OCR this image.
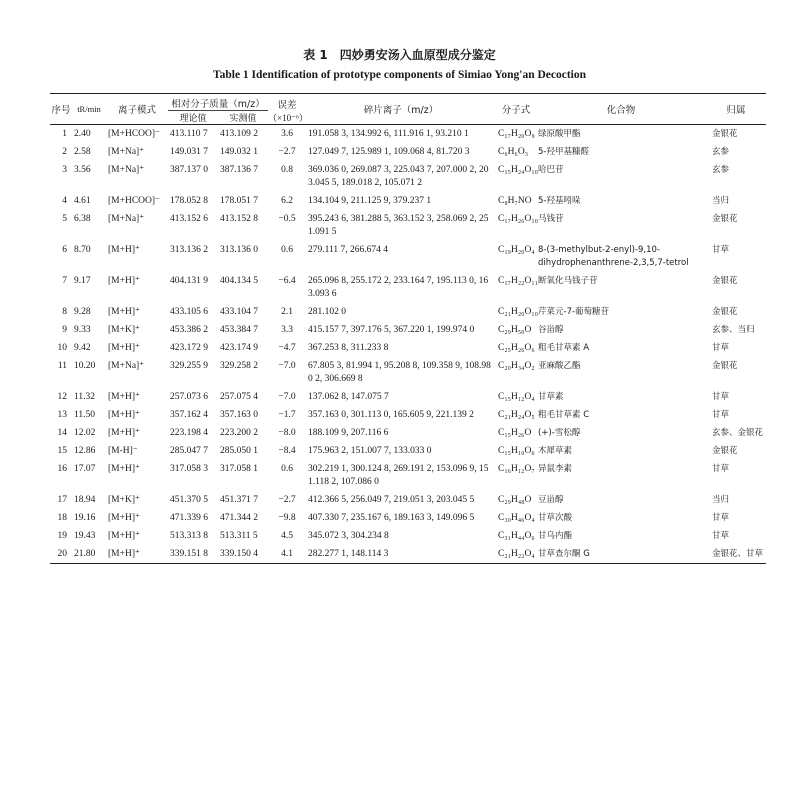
表 1　四妙勇安汤入血原型成分鉴定
Table 1 Identification of prototype components of Simiao Yong'an Decoction
序号	tR/min	离子模式	相对分子质量（m/z）		误差	碎片离子（m/z）	分子式	化合物	归属
			理论值	实测值	（×10⁻⁶）				
1	2.40	[M+HCOO]⁻	413.110 7	413.109 2	3.6	191.058 3, 134.992 6, 111.916 1, 93.210 1	C₁₇H₂₀O₉	绿原酸甲酯	金银花
2	2.58	[M+Na]⁺	149.031 7	149.032 1	−2.7	127.049 7, 125.989 1, 109.068 4, 81.720 3	C₆H₆O₃	5-羟甲基糠醛	玄参
3	3.56	[M+Na]⁺	387.137 0	387.136 7	0.8	369.036 0, 269.087 3, 225.043 7, 207.000 2, 203.045 5, 189.018 2, 105.071 2	C₁₅H₂₄O₁₀	哈巴苷	玄参
4	4.61	[M+HCOO]⁻	178.052 8	178.051 7	6.2	134.104 9, 211.125 9, 379.237 1	C₈H₇NO	5-羟基吲哚	当归
5	6.38	[M+Na]⁺	413.152 6	413.152 8	−0.5	395.243 6, 381.288 5, 363.152 3, 258.069 2, 251.091 5	C₁₇H₂₆O₁₀	马钱苷	金银花
6	8.70	[M+H]⁺	313.136 2	313.136 0	0.6	279.111 7, 266.674 4	C₁₉H₂₀O₄	8-(3-methylbut-2-enyl)-9,10-dihydrophenanthrene-2,3,5,7-tetrol	甘草
7	9.17	[M+H]⁺	404.131 9	404.134 5	−6.4	265.096 8, 255.172 2, 233.164 7, 195.113 0, 163.093 6	C₁₇H₂₂O₁₁	断氧化马钱子苷	金银花
8	9.28	[M+H]⁺	433.105 6	433.104 7	2.1	281.102 0	C₂₁H₂₀O₁₀	芹菜元-7-葡萄糖苷	金银花
9	9.33	[M+K]⁺	453.386 2	453.384 7	3.3	415.157 7, 397.176 5, 367.220 1, 199.974 0	C₂₉H₅₀O	谷甾醇	玄参、当归
10	9.42	[M+H]⁺	423.172 9	423.174 9	−4.7	367.253 8, 311.233 8	C₂₅H₂₆O₆	粗毛甘草素 A	甘草
11	10.20	[M+Na]⁺	329.255 9	329.258 2	−7.0	67.805 3, 81.994 1, 95.208 8, 109.358 9, 108.980 2, 306.669 8	C₂₀H₃₄O₂	亚麻酸乙酯	金银花
12	11.32	[M+H]⁺	257.073 6	257.075 4	−7.0	137.062 8, 147.075 7	C₁₅H₁₂O₄	甘草素	甘草
13	11.50	[M+H]⁺	357.162 4	357.163 0	−1.7	357.163 0, 301.113 0, 165.605 9, 221.139 2	C₂₁H₂₄O₅	粗毛甘草素 C	甘草
14	12.02	[M+H]⁺	223.198 4	223.200 2	−8.0	188.109 9, 207.116 6	C₁₅H₂₆O	(+)-雪松醇	玄参、金银花
15	12.86	[M-H]⁻	285.047 7	285.050 1	−8.4	175.963 2, 151.007 7, 133.033 0	C₁₅H₁₀O₆	木犀草素	金银花
16	17.07	[M+H]⁺	317.058 3	317.058 1	0.6	302.219 1, 300.124 8, 269.191 2, 153.096 9, 151.118 2, 107.086 0	C₁₆H₁₂O₇	异鼠李素	甘草
17	18.94	[M+K]⁺	451.370 5	451.371 7	−2.7	412.366 5, 256.049 7, 219.051 3, 203.045 5	C₂₉H₄₈O	豆甾醇	当归
18	19.16	[M+H]⁺	471.339 6	471.344 2	−9.8	407.330 7, 235.167 6, 189.163 3, 149.096 5	C₃₀H₄₆O₄	甘草次酸	甘草
19	19.43	[M+H]⁺	513.313 8	513.311 5	4.5	345.072 3, 304.234 8	C₃₁H₄₄O₆	甘乌内酯	甘草
20	21.80	[M+H]⁺	339.151 8	339.150 4	4.1	282.277 1, 148.114 3	C₂₁H₂₂O₄	甘草查尔酮 G	金银花、甘草
